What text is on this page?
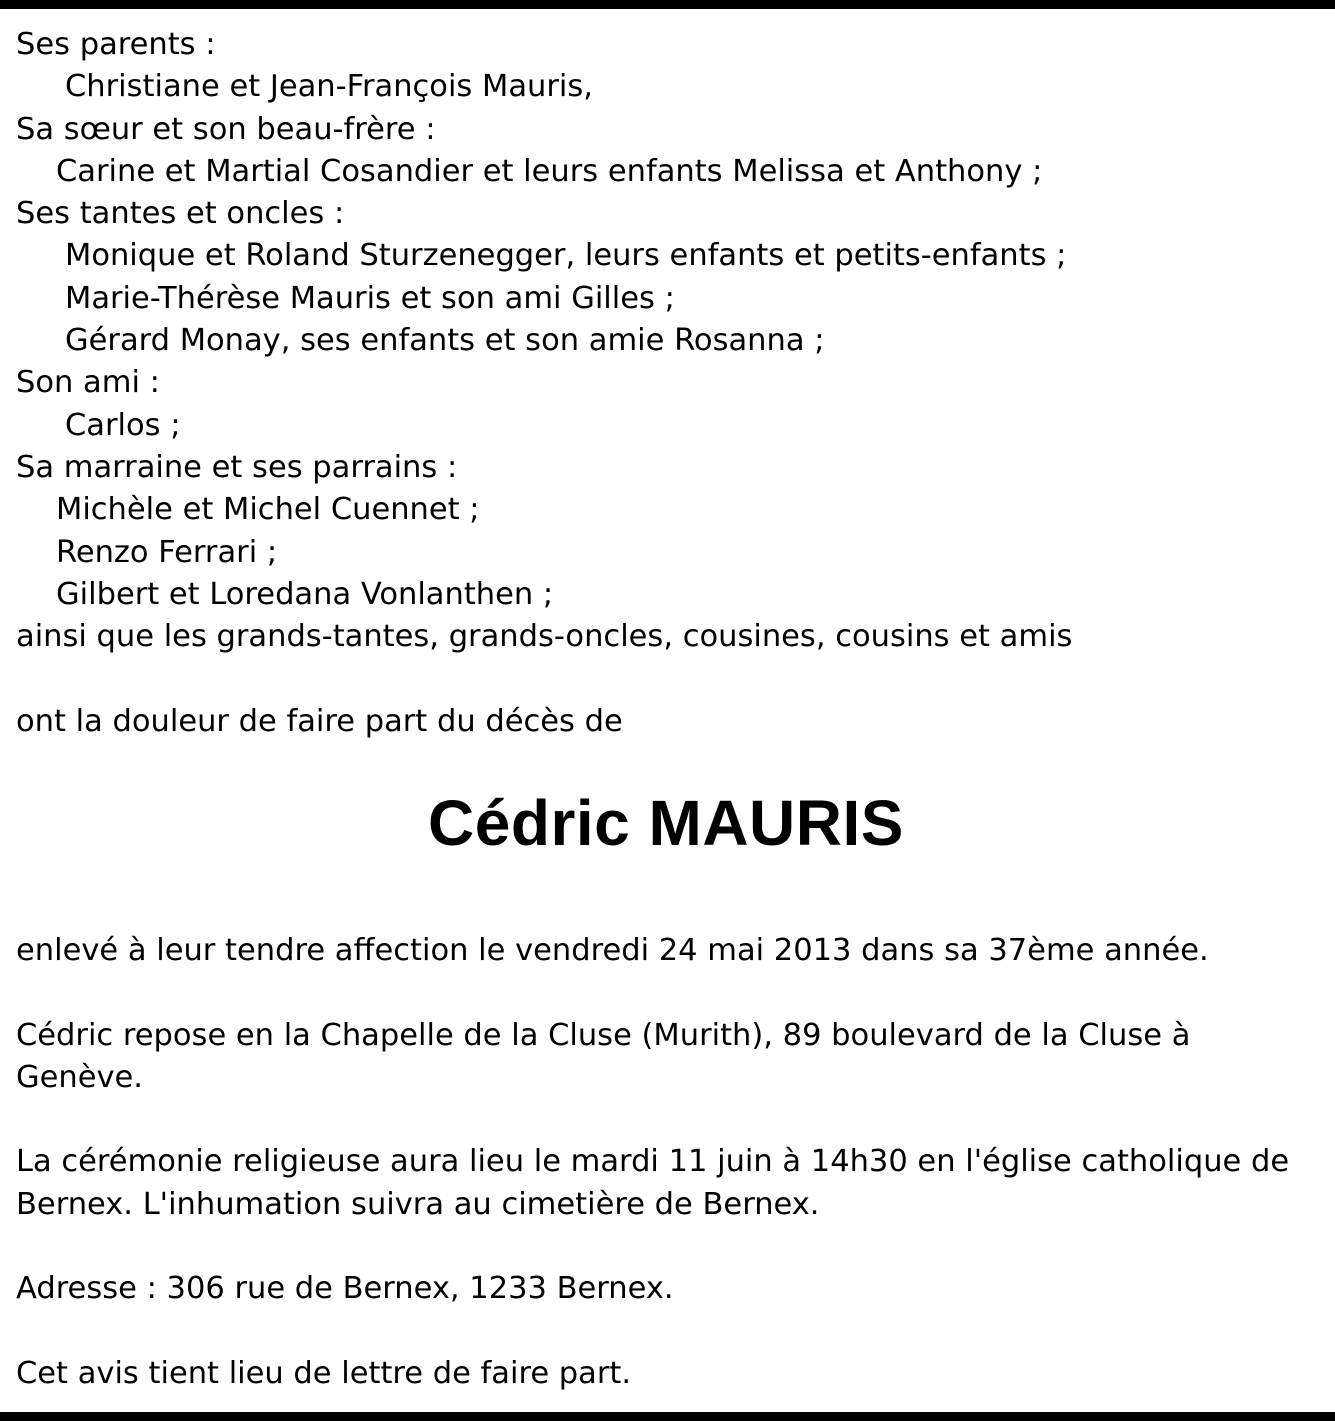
Ses parents :
Christiane et Jean-François Mauris,
Sa sœur et son beau-frère :
Carine et Martial Cosandier et leurs enfants Melissa et Anthony ;
Ses tantes et oncles :
Monique et Roland Sturzenegger, leurs enfants et petits-enfants ;
Marie-Thérèse Mauris et son ami Gilles ;
Gérard Monay, ses enfants et son amie Rosanna ;
Son ami :
Carlos ;
Sa marraine et ses parrains :
Michèle et Michel Cuennet ;
Renzo Ferrari ;
Gilbert et Loredana Vonlanthen ;
ainsi que les grands-tantes, grands-oncles, cousines, cousins et amis
ont la douleur de faire part du décès de
Cédric MAURIS
enlevé à leur tendre affection le vendredi 24 mai 2013 dans sa 37ème année.
Cédric repose en la Chapelle de la Cluse (Murith), 89 boulevard de la Cluse à
Genève.
La cérémonie religieuse aura lieu le mardi 11 juin à 14h30 en l'église catholique de
Bernex. L'inhumation suivra au cimetière de Bernex.
Adresse : 306 rue de Bernex, 1233 Bernex.
Cet avis tient lieu de lettre de faire part.
